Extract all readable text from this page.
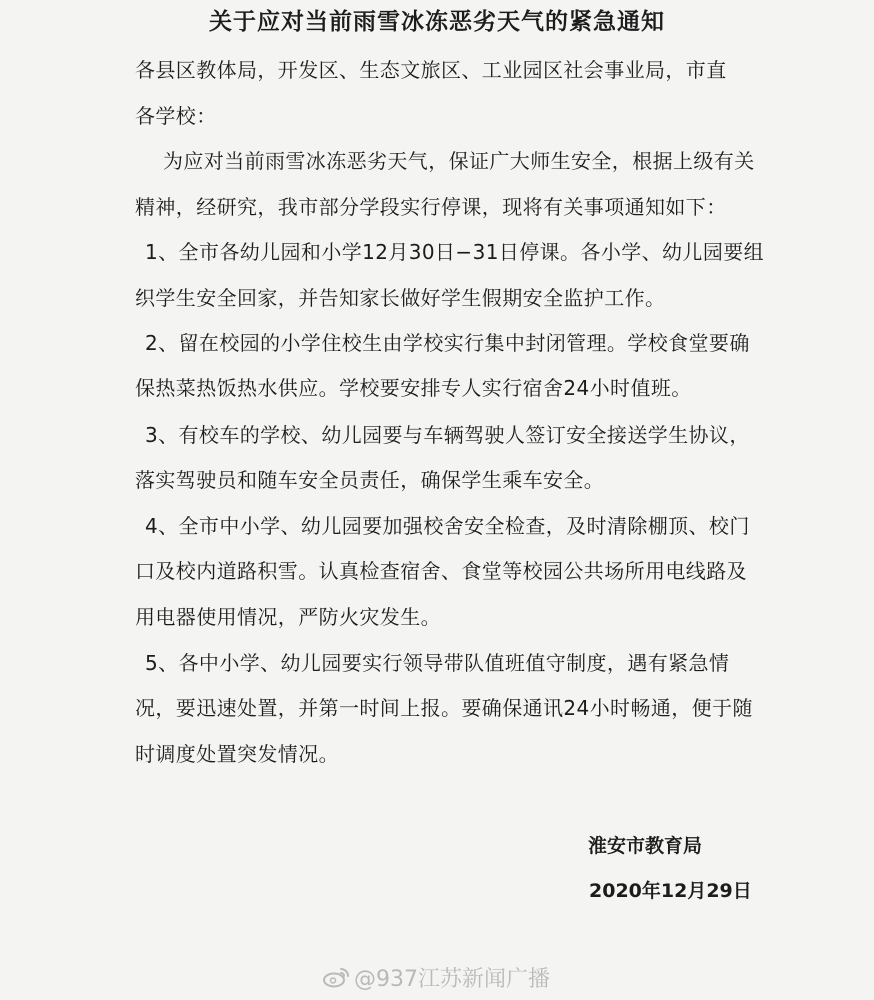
关于应对当前雨雪冰冻恶劣天气的紧急通知
各县区教体局，开发区、生态文旅区、工业园区社会事业局，市直
各学校：
为应对当前雨雪冰冻恶劣天气，保证广大师生安全，根据上级有关
精神，经研究，我市部分学段实行停课，现将有关事项通知如下：
1、全市各幼儿园和小学12月30日−31日停课。各小学、幼儿园要组
织学生安全回家，并告知家长做好学生假期安全监护工作。
2、留在校园的小学住校生由学校实行集中封闭管理。学校食堂要确
保热菜热饭热水供应。学校要安排专人实行宿舍24小时值班。
3、有校车的学校、幼儿园要与车辆驾驶人签订安全接送学生协议，
落实驾驶员和随车安全员责任，确保学生乘车安全。
4、全市中小学、幼儿园要加强校舍安全检查，及时清除棚顶、校门
口及校内道路积雪。认真检查宿舍、食堂等校园公共场所用电线路及
用电器使用情况，严防火灾发生。
5、各中小学、幼儿园要实行领导带队值班值守制度，遇有紧急情
况，要迅速处置，并第一时间上报。要确保通讯24小时畅通，便于随
时调度处置突发情况。
淮安市教育局
2020年12月29日
@937江苏新闻广播
